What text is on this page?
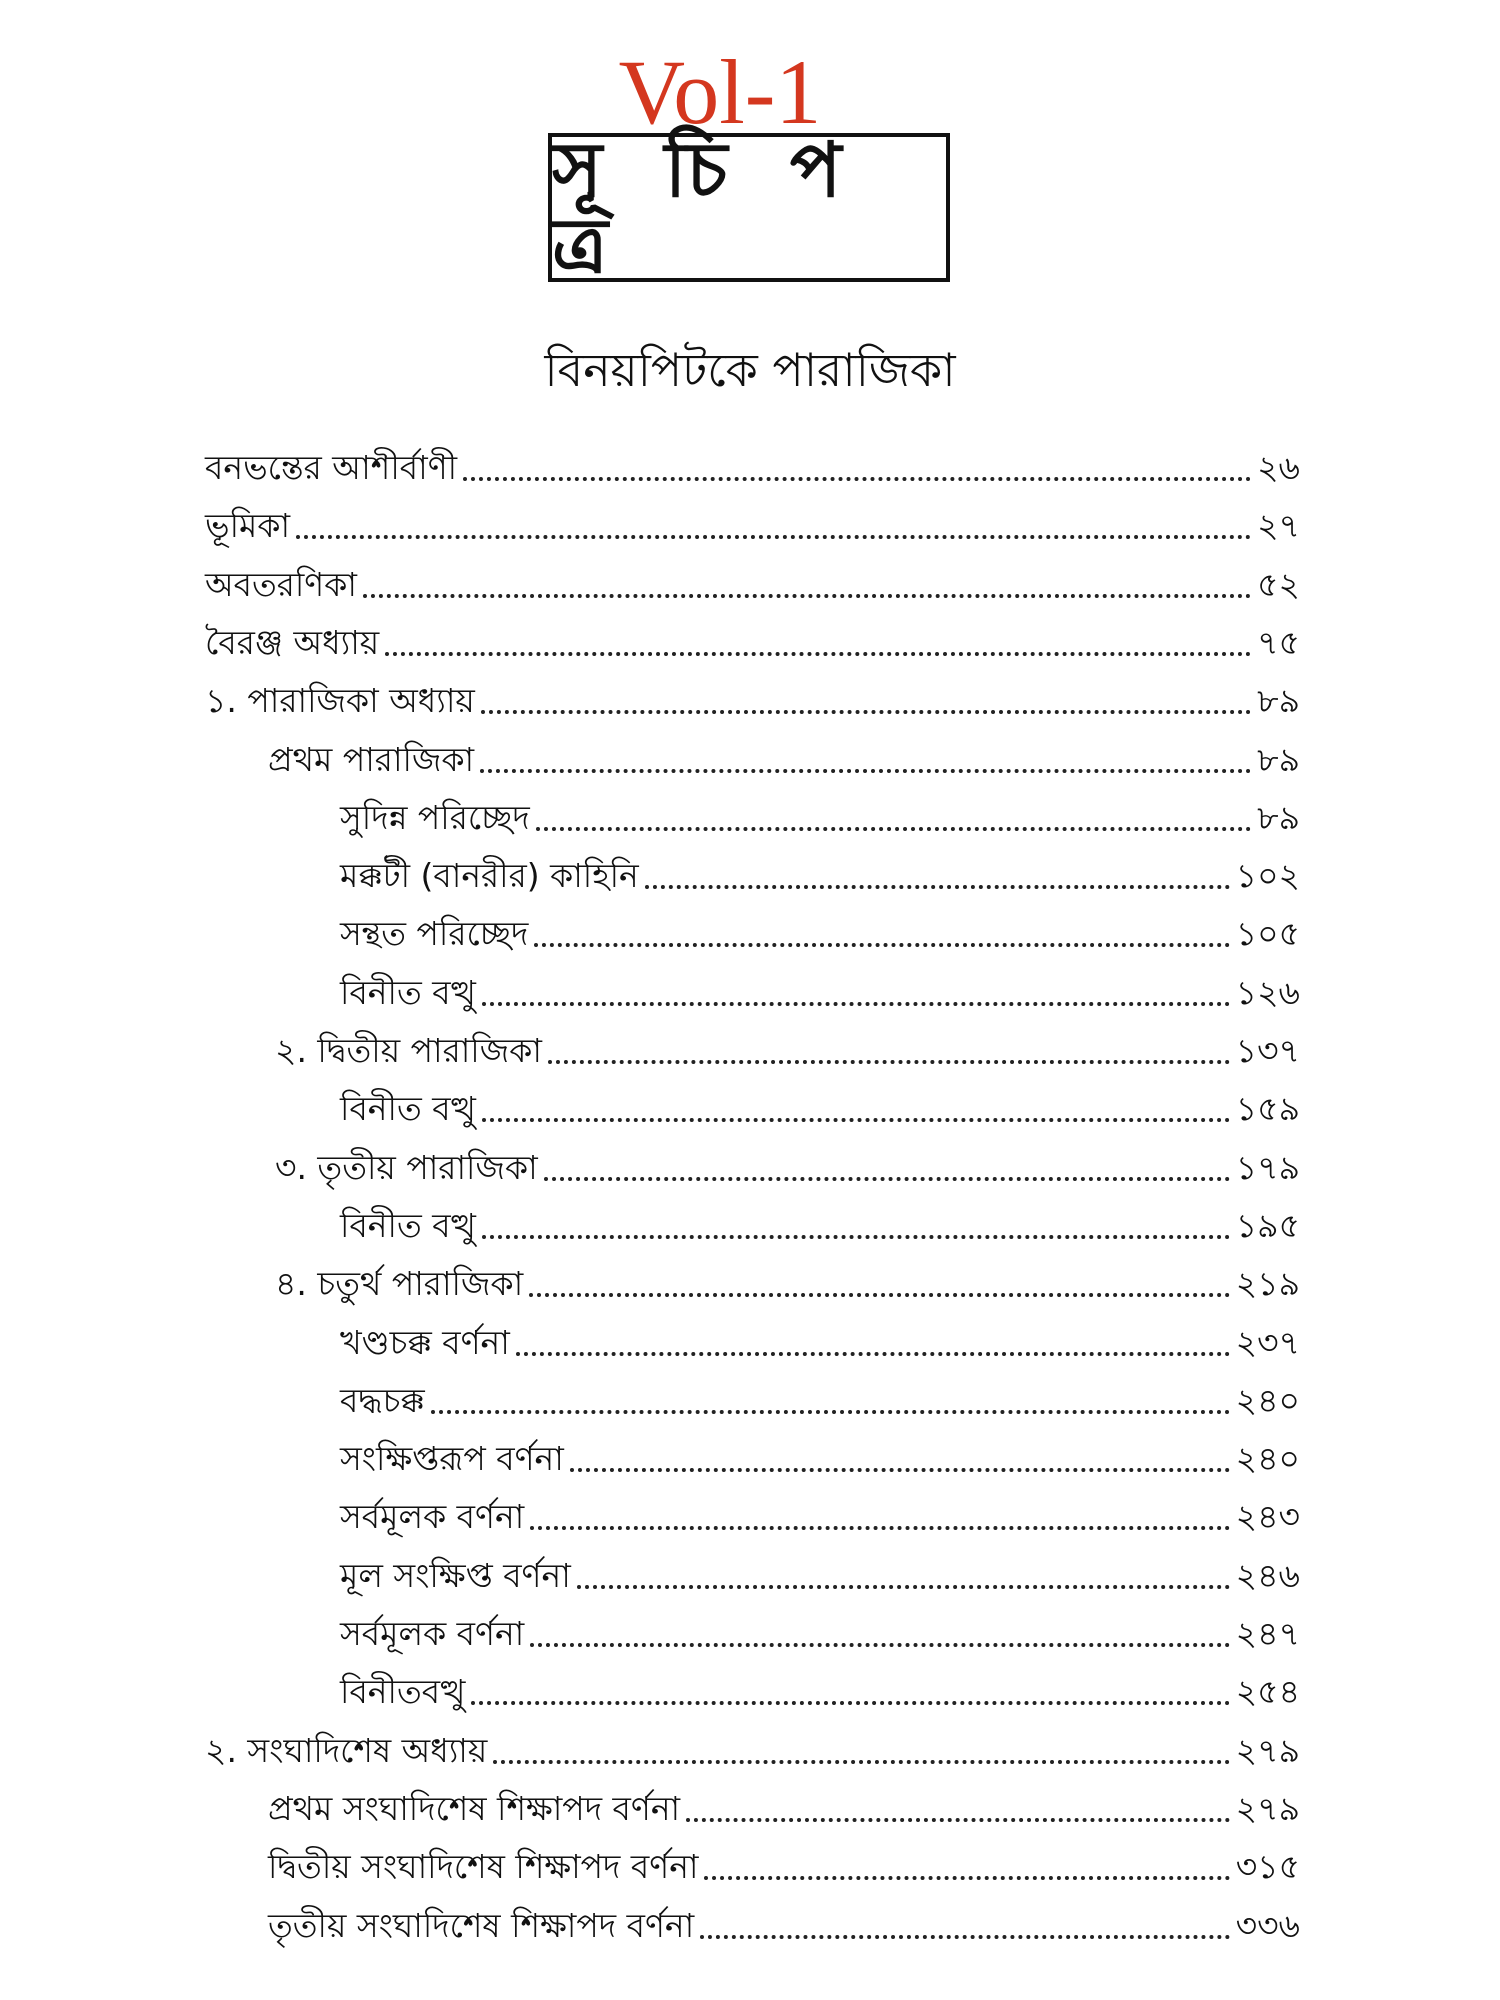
Vol-1
সূ চি প ত্র
বিনয়পিটকে পারাজিকা
বনভন্তের আশীর্বাণী	২৬
ভূমিকা	২৭
অবতরণিকা	৫২
বৈরঞ্জ অধ্যায়	৭৫
১. পারাজিকা অধ্যায়	৮৯
প্রথম পারাজিকা	৮৯
সুদিন্ন পরিচ্ছেদ	৮৯
মক্কটী (বানরীর) কাহিনি	১০২
সন্থত পরিচ্ছেদ	১০৫
বিনীত বত্থু	১২৬
২. দ্বিতীয় পারাজিকা	১৩৭
বিনীত বত্থু	১৫৯
৩. তৃতীয় পারাজিকা	১৭৯
বিনীত বত্থু	১৯৫
৪. চতুর্থ পারাজিকা	২১৯
খণ্ডচক্ক বর্ণনা	২৩৭
বদ্ধচক্ক	২৪০
সংক্ষিপ্তরূপ বর্ণনা	২৪০
সর্বমূলক বর্ণনা	২৪৩
মূল সংক্ষিপ্ত বর্ণনা	২৪৬
সর্বমূলক বর্ণনা	২৪৭
বিনীতবত্থু	২৫৪
২. সংঘাদিশেষ অধ্যায়	২৭৯
প্রথম সংঘাদিশেষ শিক্ষাপদ বর্ণনা	২৭৯
দ্বিতীয় সংঘাদিশেষ শিক্ষাপদ বর্ণনা	৩১৫
তৃতীয় সংঘাদিশেষ শিক্ষাপদ বর্ণনা	৩৩৬
